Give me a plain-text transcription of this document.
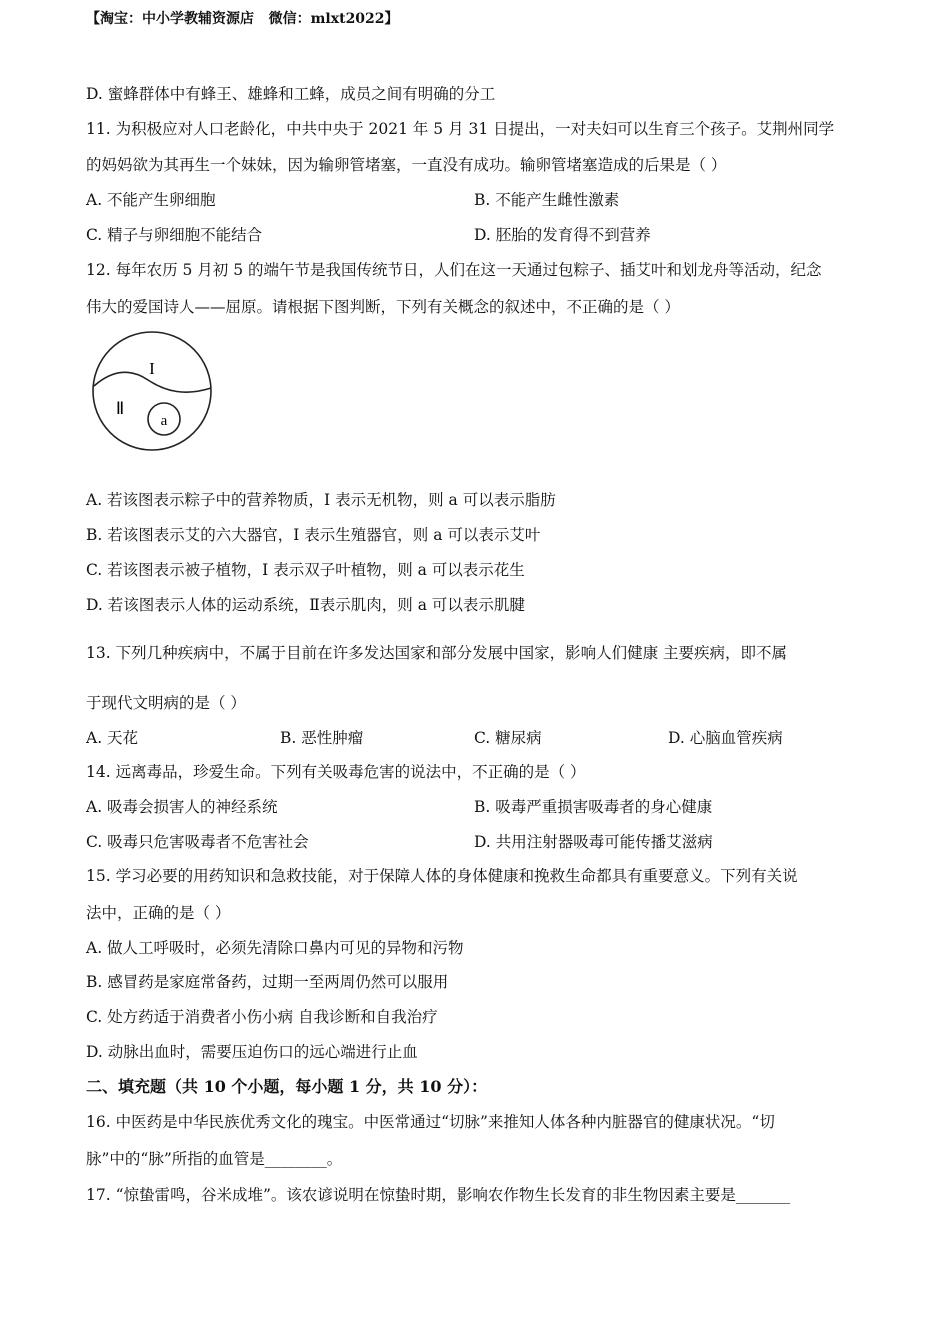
【淘宝：中小学教辅资源店   微信：mlxt2022】
D. 蜜蜂群体中有蜂王、雄蜂和工蜂，成员之间有明确的分工
11. 为积极应对人口老龄化，中共中央于 2021 年 5 月 31 日提出，一对夫妇可以生育三个孩子。艾荆州同学
的妈妈欲为其再生一个妹妹，因为输卵管堵塞，一直没有成功。输卵管堵塞造成的后果是（ ）
A. 不能产生卵细胞	B. 不能产生雌性激素
C. 精子与卵细胞不能结合	D. 胚胎的发育得不到营养
12. 每年农历 5 月初 5 的端午节是我国传统节日，人们在这一天通过包粽子、插艾叶和划龙舟等活动，纪念
伟大的爱国诗人——屈原。请根据下图判断，下列有关概念的叙述中，不正确的是（ ）
I
Ⅱ
a
A. 若该图表示粽子中的营养物质，I 表示无机物，则 a 可以表示脂肪
B. 若该图表示艾的六大器官，I 表示生殖器官，则 a 可以表示艾叶
C. 若该图表示被子植物，I 表示双子叶植物，则 a 可以表示花生
D. 若该图表示人体的运动系统，Ⅱ表示肌肉，则 a 可以表示肌腱
13. 下列几种疾病中，不属于目前在许多发达国家和部分发展中国家，影响人们健康 主要疾病，即不属
于现代文明病的是（ ）
A. 天花	B. 恶性肿瘤	C. 糖尿病	D. 心脑血管疾病
14. 远离毒品，珍爱生命。下列有关吸毒危害的说法中，不正确的是（ ）
A. 吸毒会损害人的神经系统	B. 吸毒严重损害吸毒者的身心健康
C. 吸毒只危害吸毒者不危害社会	D. 共用注射器吸毒可能传播艾滋病
15. 学习必要的用药知识和急救技能，对于保障人体的身体健康和挽救生命都具有重要意义。下列有关说
法中，正确的是（ ）
A. 做人工呼吸时，必须先清除口鼻内可见的异物和污物
B. 感冒药是家庭常备药，过期一至两周仍然可以服用
C. 处方药适于消费者小伤小病 自我诊断和自我治疗
D. 动脉出血时，需要压迫伤口的远心端进行止血
二、填充题（共 10 个小题，每小题 1 分，共 10 分）：
16. 中医药是中华民族优秀文化的瑰宝。中医常通过“切脉”来推知人体各种内脏器官的健康状况。“切
脉”中的“脉”所指的血管是________。
17. “惊蛰雷鸣，谷米成堆”。该农谚说明在惊蛰时期，影响农作物生长发育的非生物因素主要是_______
